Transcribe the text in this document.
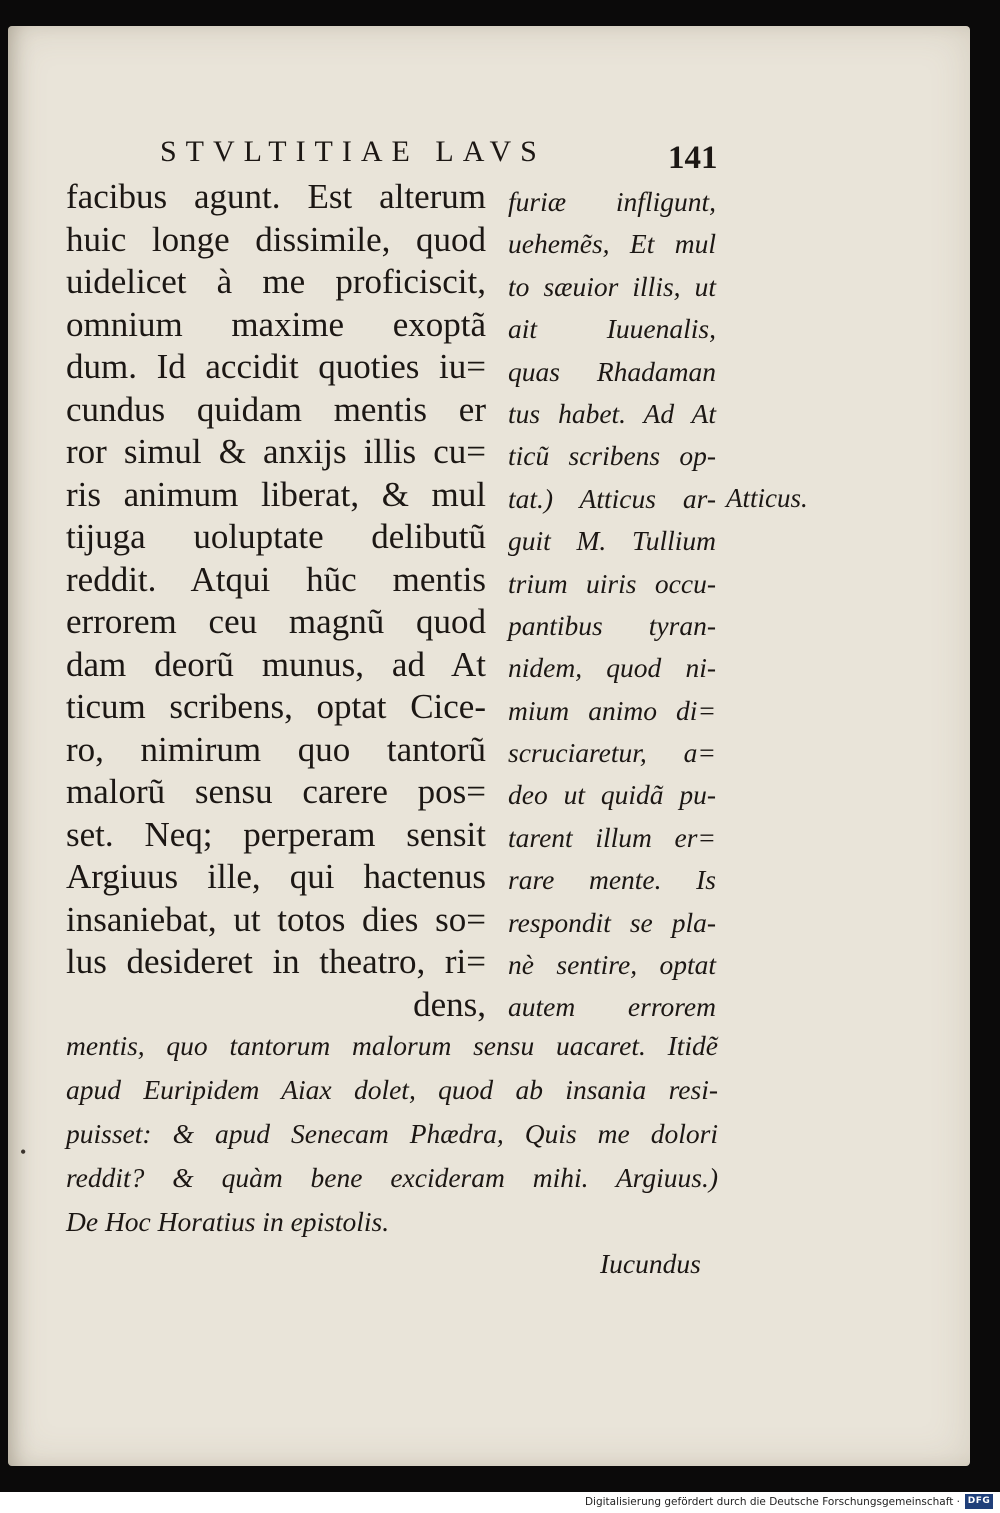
STVLTITIAE LAVS	141
facibus agunt. Est alterum
huic longe dissimile, quod
uidelicet à me proficiscit,
omnium maxime exoptã
dum. Id accidit quoties iu=
cundus quidam mentis er
ror simul & anxijs illis cu=
ris animum liberat, & mul
tijuga uoluptate delibutũ
reddit. Atqui hũc mentis
errorem ceu magnũ quod
dam deorũ munus, ad At
ticum scribens, optat Cice-
ro, nimirum quo tantorũ
malorũ sensu carere pos=
set. Neq; perperam sensit
Argiuus ille, qui hactenus
insaniebat, ut totos dies so=
lus desideret in theatro, ri=
dens,
furiæ infligunt,
uehemẽs, Et mul
to sæuior illis, ut
ait Iuuenalis,
quas Rhadaman
tus habet. Ad At
ticũ scribens op-
tat.) Atticus ar-
guit M. Tullium
trium uiris occu-
pantibus tyran-
nidem, quod ni-
mium animo di=
scruciaretur, a=
deo ut quidã pu-
tarent illum er=
rare mente. Is
respondit se pla-
nè sentire, optat
autem errorem
mentis, quo tantorum malorum sensu uacaret. Itidẽ
apud Euripidem Aiax dolet, quod ab insania resi-
puisset: & apud Senecam Phædra, Quis me dolori
reddit? & quàm bene excideram mihi. Argiuus.)
De Hoc Horatius in epistolis.
Atticus.
Iucundus
•
Digitalisierung gefördert durch die Deutsche Forschungsgemeinschaft · DFG
